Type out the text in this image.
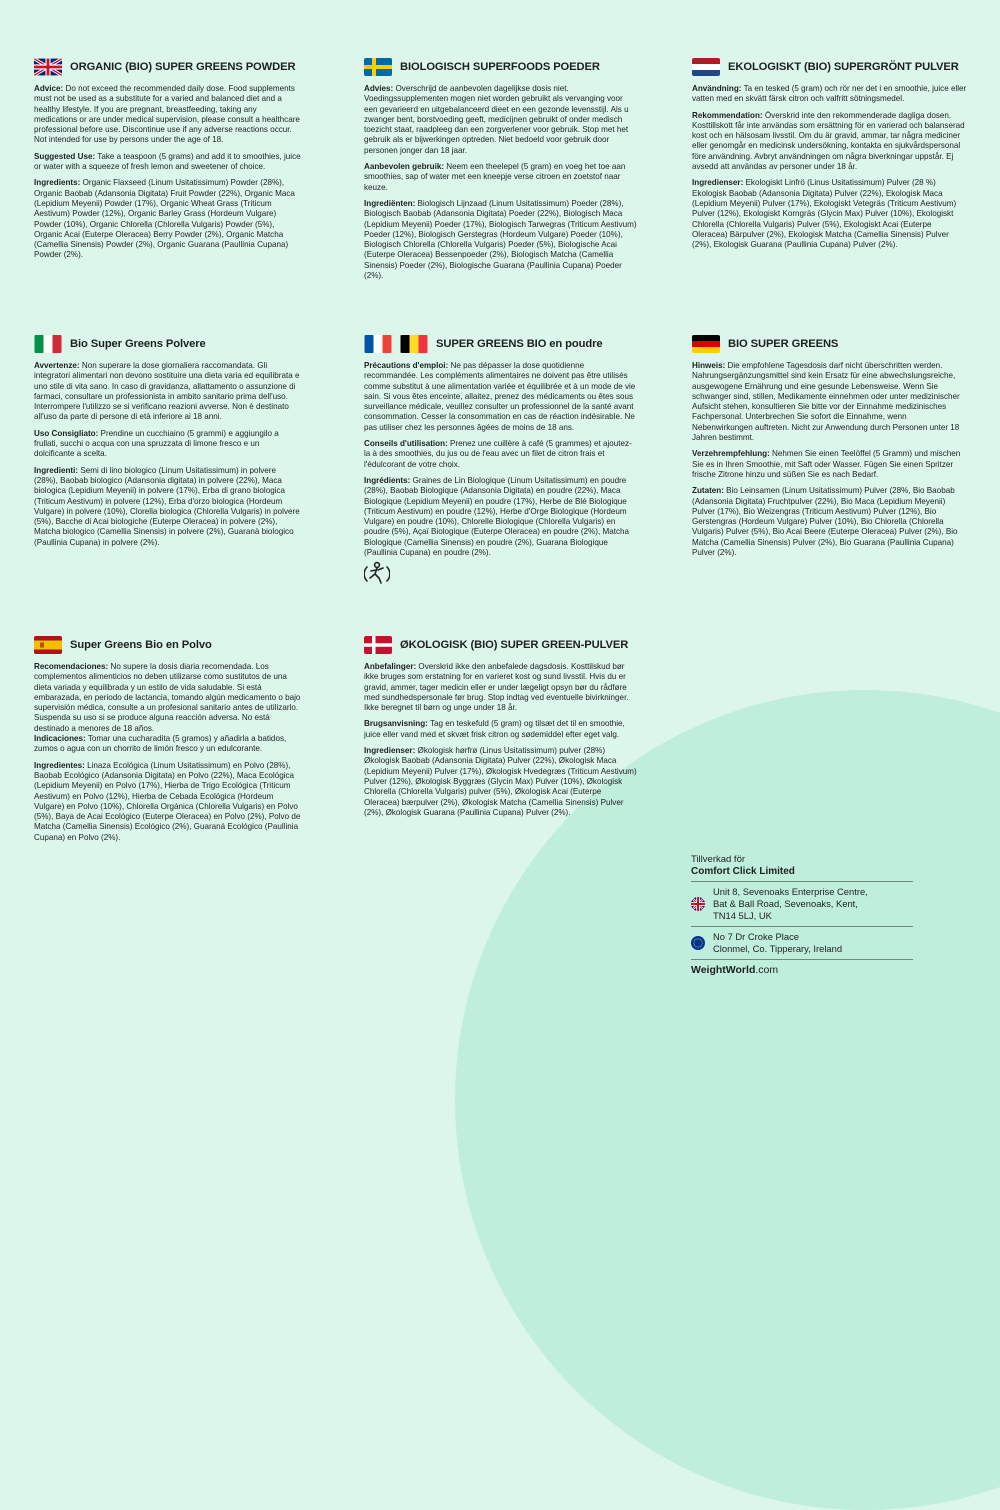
ORGANIC (BIO) SUPER GREENS POWDER

Advice: Do not exceed the recommended daily dose. Food supplements must not be used as a substitute for a varied and balanced diet and a healthy lifestyle. If you are pregnant, breastfeeding, taking any medications or are under medical supervision, please consult a healthcare professional before use. Discontinue use if any adverse reactions occur. Not intended for use by persons under the age of 18.

Suggested Use: Take a teaspoon (5 grams) and add it to smoothies, juice or water with a squeeze of fresh lemon and sweetener of choice.

Ingredients: Organic Flaxseed (Linum Usitatissimum) Powder (28%), Organic Baobab (Adansonia Digitata) Fruit Powder (22%), Organic Maca (Lepidium Meyenii) Powder (17%), Organic Wheat Grass (Triticum Aestivum) Powder (12%), Organic Barley Grass (Hordeum Vulgare) Powder (10%), Organic Chlorella (Chlorella Vulgaris) Powder (5%), Organic Acai (Euterpe Oleracea) Berry Powder (2%), Organic Matcha (Camellia Sinensis) Powder (2%), Organic Guarana (Paullinia Cupana) Powder (2%).

BIOLOGISCH SUPERFOODS POEDER

Advies: Overschrijd de aanbevolen dagelijkse dosis niet. Voedingssupplementen mogen niet worden gebruikt als vervanging voor een gevarieerd en uitgebalanceerd dieet en een gezonde levensstijl. Als u zwanger bent, borstvoeding geeft, medicijnen gebruikt of onder medisch toezicht staat, raadpleeg dan een zorgverlener voor gebruik. Stop met het gebruik als er bijwerkingen optreden. Niet bedoeld voor gebruik door personen jonger dan 18 jaar.

Aanbevolen gebruik: Neem een theelepel (5 gram) en voeg het toe aan smoothies, sap of water met een kneepje verse citroen en zoetstof naar keuze.

Ingrediënten: Biologisch Lijnzaad (Linum Usitatissimum) Poeder (28%), Biologisch Baobab (Adansonia Digitata) Poeder (22%), Biologisch Maca (Lepidium Meyenii) Poeder (17%), Biologisch Tarwegras (Triticum Aestivum) Poeder (12%), Biologisch Gerstegras (Hordeum Vulgare) Poeder (10%), Biologisch Chlorella (Chlorella Vulgaris) Poeder (5%), Biologische Acai (Euterpe Oleracea) Bessenpoeder (2%), Biologisch Matcha (Camellia Sinensis) Poeder (2%), Biologische Guarana (Paullinia Cupana) Poeder (2%).

EKOLOGISKT (BIO) SUPERGRÖNT PULVER

Användning: Ta en tesked (5 gram) och rör ner det i en smoothie, juice eller vatten med en skvätt färsk citron och valfritt sötningsmedel.

Rekommendation: Överskrid inte den rekommenderade dagliga dosen. Kosttillskott får inte användas som ersättning för en varierad och balanserad kost och en hälsosam livsstil. Om du är gravid, ammar, tar några mediciner eller genomgår en medicinsk undersökning, kontakta en sjukvårdspersonal före användning. Avbryt användningen om några biverkningar uppstår. Ej avsedd att användas av personer under 18 år.

Ingredienser: Ekologiskt Linfrö (Linus Usitatissimum) Pulver (28 %) Ekologisk Baobab (Adansonia Digitata) Pulver (22%), Ekologisk Maca (Lepidium Meyenii) Pulver (17%), Ekologiskt Vetegräs (Triticum Aestivum) Pulver (12%), Ekologiskt Korngräs (Glycin Max) Pulver (10%), Ekologiskt Chlorella (Chlorella Vulgaris) Pulver (5%), Ekologiskt Acai (Euterpe Oleracea) Bärpulver (2%), Ekologisk Matcha (Camellia Sinensis) Pulver (2%), Ekologisk Guarana (Paullinia Cupana) Pulver (2%).

Bio Super Greens Polvere

Avvertenze: Non superare la dose giornaliera raccomandata. Gli integratori alimentari non devono sostituire una dieta varia ed equilibrata e uno stile di vita sano. In caso di gravidanza, allattamento o assunzione di farmaci, consultare un professionista in ambito sanitario prima dell'uso. Interrompere l'utilizzo se si verificano reazioni avverse. Non è destinato all'uso da parte di persone di età inferiore ai 18 anni.

Uso Consigliato: Prendine un cucchiaino (5 grammi) e aggiungilo a frullati, succhi o acqua con una spruzzata di limone fresco e un dolcificante a scelta.

Ingredienti: Semi di lino biologico (Linum Usitatissimum) in polvere (28%), Baobab biologico (Adansonia digitata) in polvere (22%), Maca biologica (Lepidium Meyenii) in polvere (17%), Erba di grano biologica (Triticum Aestivum) in polvere (12%), Erba d'orzo biologica (Hordeum Vulgare) in polvere (10%), Clorella biologica (Chlorella Vulgaris) in polvere (5%), Bacche di Acai biologiche (Euterpe Oleracea) in polvere (2%), Matcha biologico (Camellia Sinensis) in polvere (2%), Guaranà biologico (Paullinia Cupana) in polvere (2%).

SUPER GREENS BIO en poudre

Précautions d'emploi: Ne pas dépasser la dose quotidienne recommandée. Les compléments alimentaires ne doivent pas être utilisés comme substitut à une alimentation variée et équilibrée et à un mode de vie sain. Si vous êtes enceinte, allaitez, prenez des médicaments ou êtes sous surveillance médicale, veuillez consulter un professionnel de la santé avant consommation. Cesser la consommation en cas de réaction indésirable. Ne pas utiliser chez les personnes âgées de moins de 18 ans.

Conseils d'utilisation: Prenez une cuillère à café (5 grammes) et ajoutez-la à des smoothies, du jus ou de l'eau avec un filet de citron frais et l'édulcorant de votre choix.

Ingrédients: Graines de Lin Biologique (Linum Usitatissimum) en poudre (28%), Baobab Biologique (Adansonia Digitata) en poudre (22%), Maca Biologique (Lepidium Meyenii) en poudre (17%), Herbe de Blé Biologique (Triticum Aestivum) en poudre (12%), Herbe d'Orge Biologique (Hordeum Vulgare) en poudre (10%), Chlorelle Biologique (Chlorella Vulgaris) en poudre (5%), Açaï Biologique (Euterpe Oleracea) en poudre (2%), Matcha Biologique (Camellia Sinensis) en poudre (2%), Guarana Biologique (Paullinia Cupana) en poudre (2%).

BIO SUPER GREENS

Hinweis: Die empfohlene Tagesdosis darf nicht überschritten werden. Nahrungsergänzungsmittel sind kein Ersatz für eine abwechslungsreiche, ausgewogene Ernährung und eine gesunde Lebensweise. Wenn Sie schwanger sind, stillen, Medikamente einnehmen oder unter medizinischer Aufsicht stehen, konsultieren Sie bitte vor der Einnahme medizinisches Fachpersonal. Unterbrechen Sie sofort die Einnahme, wenn Nebenwirkungen auftreten. Nicht zur Anwendung durch Personen unter 18 Jahren bestimmt.

Verzehrempfehlung: Nehmen Sie einen Teelöffel (5 Gramm) und mischen Sie es in Ihren Smoothie, mit Saft oder Wasser. Fügen Sie einen Spritzer frische Zitrone hinzu und süßen Sie es nach Bedarf.

Zutaten: Bio Leinsamen (Linum Usitatissimum) Pulver (28%, Bio Baobab (Adansonia Digitata) Fruchtpulver (22%), Bio Maca (Lepidium Meyenii) Pulver (17%), Bio Weizengras (Triticum Aestivum) Pulver (12%), Bio Gerstengras (Hordeum Vulgare) Pulver (10%), Bio Chlorella (Chlorella Vulgaris) Pulver (5%), Bio Acai Beere (Euterpe Oleracea) Pulver (2%), Bio Matcha (Camellia Sinensis) Pulver (2%), Bio Guarana (Paullinia Cupana) Pulver (2%).

Super Greens Bio en Polvo

Recomendaciones: No supere la dosis diaria recomendada. Los complementos alimenticios no deben utilizarse como sustitutos de una dieta variada y equilibrada y un estilo de vida saludable. Si está embarazada, en periodo de lactancia, tomando algún medicamento o bajo supervisión médica, consulte a un profesional sanitario antes de utilizarlo. Suspenda su uso si se produce alguna reacción adversa. No está destinado a menores de 18 años.

Indicaciones: Tomar una cucharadita (5 gramos) y añadirla a batidos, zumos o agua con un chorrito de limón fresco y un edulcorante.

Ingredientes: Linaza Ecológica (Linum Usitatissimum) en Polvo (28%), Baobab Ecológico (Adansonia Digitata) en Polvo (22%), Maca Ecológica (Lepidium Meyenii) en Polvo (17%), Hierba de Trigo Ecológica (Triticum Aestivum) en Polvo (12%), Hierba de Cebada Ecológica (Hordeum Vulgare) en Polvo (10%), Chlorella Orgánica (Chlorella Vulgaris) en Polvo (5%), Baya de Acai Ecológico (Euterpe Oleracea) en Polvo (2%), Polvo de Matcha (Camellia Sinensis) Ecológico (2%), Guaraná Ecológico (Paullinia Cupana) en Polvo (2%).

ØKOLOGISK (BIO) SUPER GREEN-PULVER

Anbefalinger: Overskrid ikke den anbefalede dagsdosis. Kosttilskud bør ikke bruges som erstatning for en varieret kost og sund livsstil. Hvis du er gravid, ammer, tager medicin eller er under lægeligt opsyn bør du rådføre med sundhedspersonale før brug. Stop indtag ved eventuelle bivirkninger. Ikke beregnet til børn og unge under 18 år.

Brugsanvisning: Tag en teskefuld (5 gram) og tilsæt det til en smoothie, juice eller vand med et skvæt frisk citron og sødemiddel efter eget valg.

Ingredienser: Økologisk hørfrø (Linus Usitatissimum) pulver (28%) Økologisk Baobab (Adansonia Digitata) Pulver (22%), Økologisk Maca (Lepidium Meyenii) Pulver (17%), Økologisk Hvedegræs (Triticum Aestivum) Pulver (12%), Økologisk Byggræs (Glycin Max) Pulver (10%), Økologisk Chlorella (Chlorella Vulgaris) pulver (5%), Økologisk Acai (Euterpe Oleracea) bærpulver (2%), Økologisk Matcha (Camellia Sinensis) Pulver (2%), Økologisk Guarana (Paullinia Cupana) Pulver (2%).

Tillverkad för
Comfort Click Limited
Unit 8, Sevenoaks Enterprise Centre,
Bat & Ball Road, Sevenoaks, Kent,
TN14 5LJ, UK
No 7 Dr Croke Place
Clonmel, Co. Tipperary, Ireland
WeightWorld.com
